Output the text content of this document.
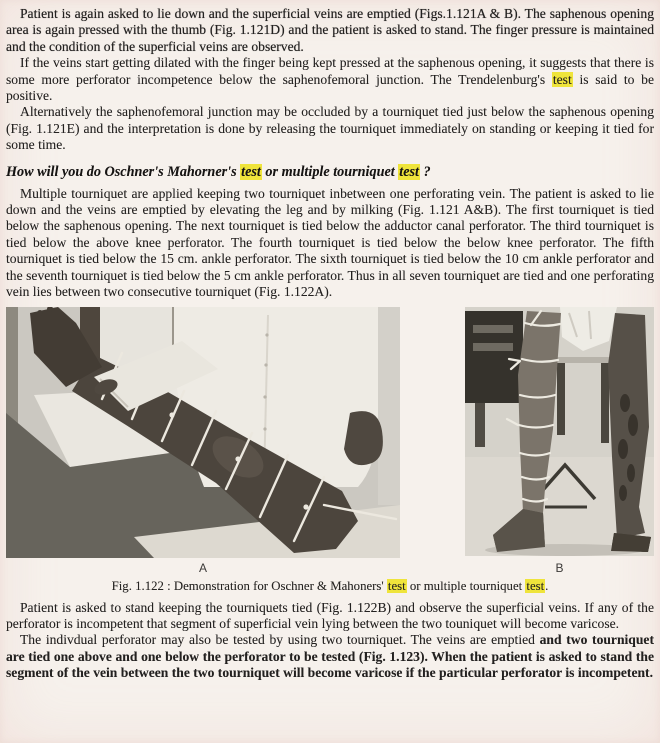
Patient is again asked to lie down and the superficial veins are emptied (Figs.1.121A & B). The saphenous opening area is again pressed with the thumb (Fig. 1.121D) and the patient is asked to stand. The finger pressure is maintained and the condition of the superficial veins are observed.

If the veins start getting dilated with the finger being kept pressed at the saphenous opening, it suggests that there is some more perforator incompetence below the saphenofemoral junction. The Trendelenburg's test is said to be positive.

Alternatively the saphenofemoral junction may be occluded by a tourniquet tied just below the saphenous opening (Fig. 1.121E) and the interpretation is done by releasing the tourniquet immediately on standing or keeping it tied for some time.

How will you do Oschner's Mahorner's test or multiple tourniquet test ?

Multiple tourniquet are applied keeping two tourniquet inbetween one perforating vein. The patient is asked to lie down and the veins are emptied by elevating the leg and by milking (Fig. 1.121 A&B). The first tourniquet is tied below the saphenous opening. The next tourniquet is tied below the adductor canal perforator. The third tourniquet is tied below the above knee perforator. The fourth tourniquet is tied below the below knee perforator. The fifth tourniquet is tied below the 15 cm. ankle perforator. The sixth tourniquet is tied below the 10 cm ankle perforator and the seventh tourniquet is tied below the 5 cm ankle perforator. Thus in all seven tourniquet are tied and one perforating vein lies between two consecutive tourniquet (Fig. 1.122A).

A	B

Fig. 1.122 : Demonstration for Oschner & Mahoners' test or multiple tourniquet test.

Patient is asked to stand keeping the tourniquets tied (Fig. 1.122B) and observe the superficial veins. If any of the perforator is incompetent that segment of superficial vein lying between the two touniquet will become varicose.

The indivdual perforator may also be tested by using two tourniquet. The veins are emptied and two tourniquet are tied one above and one below the perforator to be tested (Fig. 1.123). When the patient is asked to stand the segment of the vein between the two tourniquet will become varicose if the particular perforator is incompetent.
